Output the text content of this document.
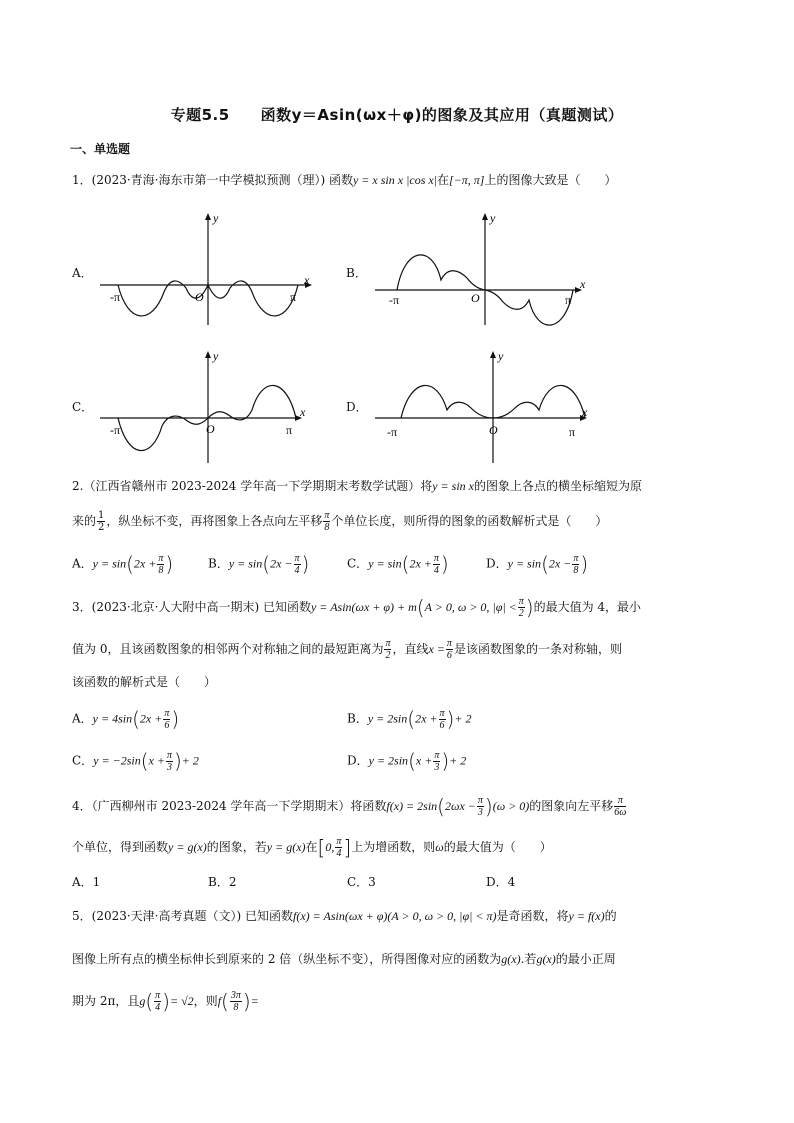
专题5.5　　函数y＝Asin(ωx＋φ)的图象及其应用（真题测试）
一、单选题
1．(2023·青海·海东市第一中学模拟预测（理）) 函数y = x sin x |cos x|在[−π, π]上的图像大致是（　　）
A．	B．
C．	D．
x
y
O
-π	π
x
y
O
-π	π
x
y
O
-π	π
x
y
O
-π	π
2.（江西省赣州市 2023-2024 学年高一下学期期末考数学试题）将y = sin x的图象上各点的横坐标缩短为原
来的 $\frac{1}{2}$ ，纵坐标不变，再将图象上各点向左平移 $\frac{\pi}{8}$ 个单位长度，则所得的图象的函数解析式是（　　）
A．$y = \sin(2x + \frac{\pi}{8}$ )	B．$y = \sin(2x - \frac{\pi}{4}$ )	C．$y = \sin(2x + \frac{\pi}{4}$ )	D．$y = \sin(2x - \frac{\pi}{8}$ )
3．(2023·北京·人大附中高一期末) 已知函数y = Asin(ωx + φ) + m(A > 0, ω > 0, $|\varphi| < \frac{\pi}{2}$ )的最大值为 4，最小
值为 0，且该函数图象的相邻两个对称轴之间的最短距离为 $\frac{\pi}{2}$ ，直线$x = \frac{\pi}{6}$ 是该函数图象的一条对称轴，则
该函数的解析式是（　　）
A．$y = 4\sin(2x + \frac{\pi}{6}$ )	B．$y = 2\sin(2x + \frac{\pi}{6}$ )+ 2
C．$y = -2\sin(x + \frac{\pi}{3}$ )+ 2	D．$y = 2\sin(x + \frac{\pi}{3}$ )+ 2
4．（广西柳州市 2023-2024 学年高一下学期期末）将函数$f(x) = 2\sin(2\omega x - \frac{\pi}{3} )(\omega > 0)$的图象向左平移 $\frac{\pi}{6\omega}$
个单位，得到函数y = g(x)的图象，若y = g(x)在[0, $\frac{\pi}{4}$ ]上为增函数，则ω的最大值为（　　）
A．1	B．2	C．3	D．4
5．(2023·天津·高考真题（文）) 已知函数f(x) = Asin(ωx + φ)(A > 0, ω > 0, |φ| < π)是奇函数，将y = f(x)的
图像上所有点的横坐标伸长到原来的 2 倍（纵坐标不变），所得图像对应的函数为g(x).若g(x)的最小正周
期为 2π，且$g( \frac{\pi}{4}$ )= √2，则$f( \frac{3\pi}{8}$ )=
